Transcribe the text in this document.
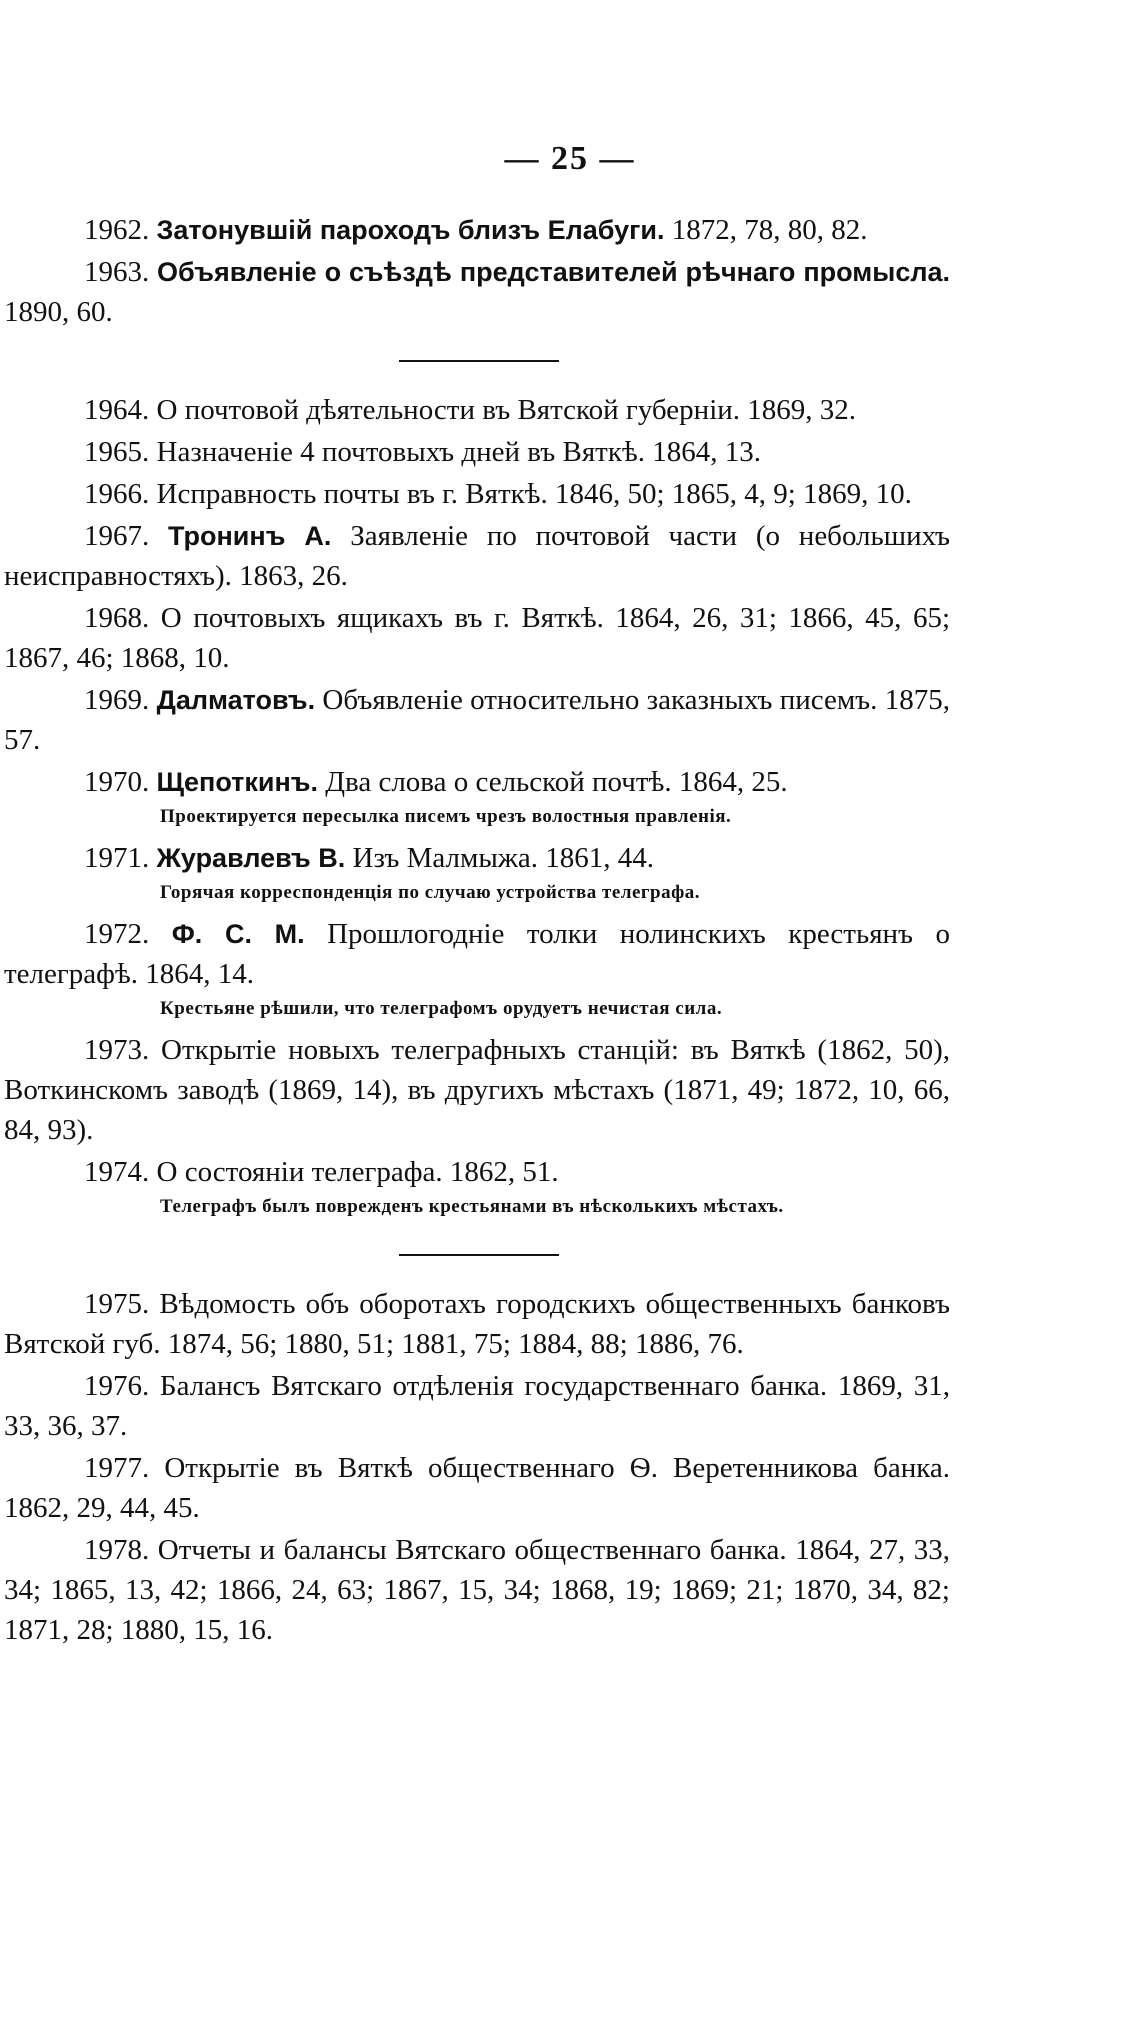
— 25 —

1962. Затонувшій пароходъ близъ Елабуги. 1872, 78, 80, 82.

1963. Объявленіе о съѣздѣ представителей рѣчнаго промысла. 1890, 60.

1964. О почтовой дѣятельности въ Вятской губерніи. 1869, 32.

1965. Назначеніе 4 почтовыхъ дней въ Вяткѣ. 1864, 13.

1966. Исправность почты въ г. Вяткѣ. 1846, 50; 1865, 4, 9; 1869, 10.

1967. Тронинъ А. Заявленіе по почтовой части (о небольшихъ неисправностяхъ). 1863, 26.

1968. О почтовыхъ ящикахъ въ г. Вяткѣ. 1864, 26, 31; 1866, 45, 65; 1867, 46; 1868, 10.

1969. Далматовъ. Объявленіе относительно заказныхъ писемъ. 1875, 57.

1970. Щепоткинъ. Два слова о сельской почтѣ. 1864, 25.

Проектируется пересылка писемъ чрезъ волостныя правленія.

1971. Журавлевъ В. Изъ Малмыжа. 1861, 44.

Горячая корреспонденція по случаю устройства телеграфа.

1972. Ф. С. М. Прошлогодніе толки нолинскихъ крестьянъ о телеграфѣ. 1864, 14.

Крестьяне рѣшили, что телеграфомъ орудуетъ нечистая сила.

1973. Открытіе новыхъ телеграфныхъ станцій: въ Вяткѣ (1862, 50), Воткинскомъ заводѣ (1869, 14), въ другихъ мѣстахъ (1871, 49; 1872, 10, 66, 84, 93).

1974. О состояніи телеграфа. 1862, 51.

Телеграфъ былъ поврежденъ крестьянами въ нѣсколькихъ мѣстахъ.

1975. Вѣдомость объ оборотахъ городскихъ общественныхъ банковъ Вятской губ. 1874, 56; 1880, 51; 1881, 75; 1884, 88; 1886, 76.

1976. Балансъ Вятскаго отдѣленія государственнаго банка. 1869, 31, 33, 36, 37.

1977. Открытіе въ Вяткѣ общественнаго Ѳ. Веретенникова банка. 1862, 29, 44, 45.

1978. Отчеты и балансы Вятскаго общественнаго банка. 1864, 27, 33, 34; 1865, 13, 42; 1866, 24, 63; 1867, 15, 34; 1868, 19; 1869; 21; 1870, 34, 82; 1871, 28; 1880, 15, 16.
